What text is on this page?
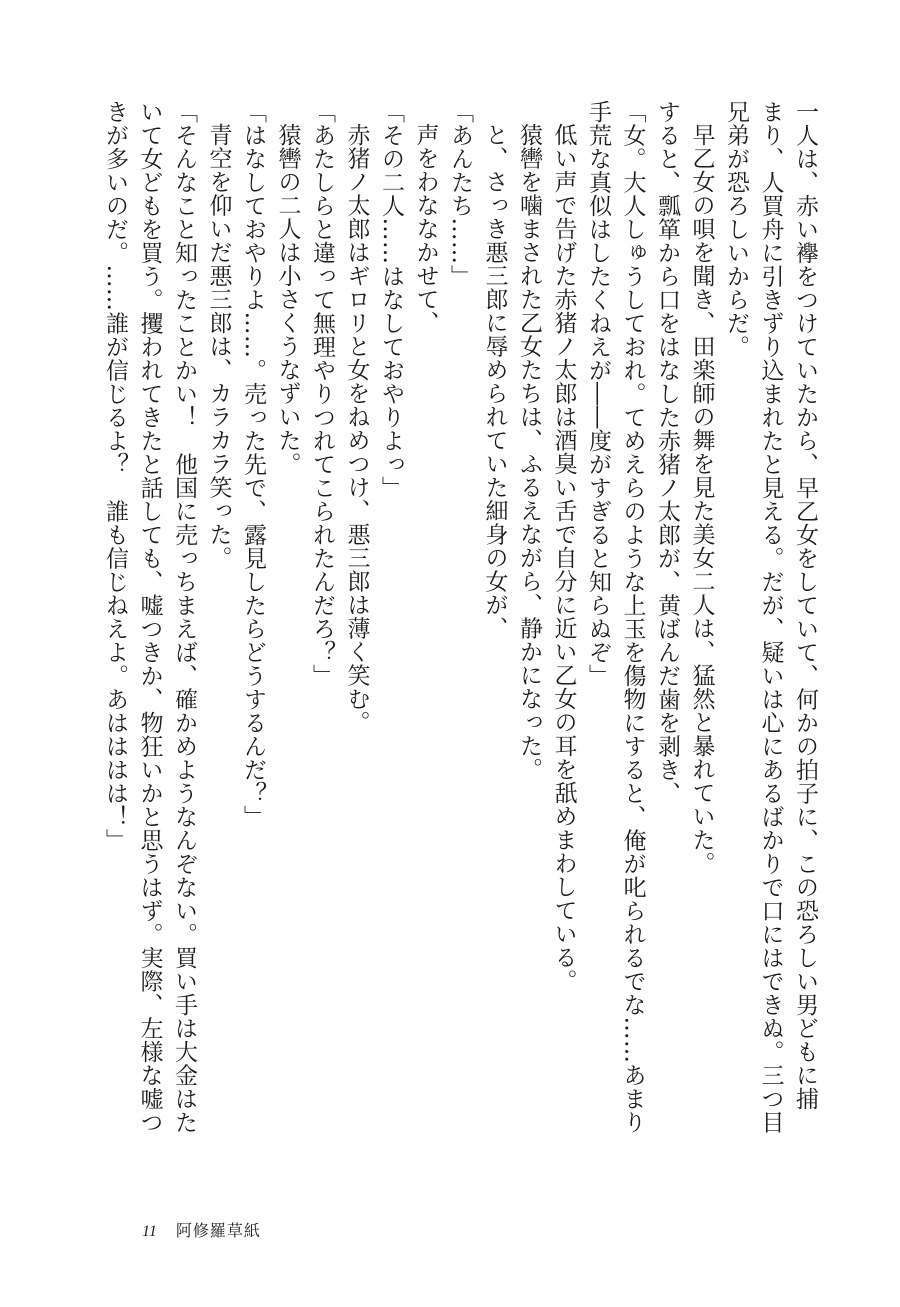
一人は、赤い襷をつけていたから、早乙女をしていて、何かの拍子に、この恐ろしい男どもに捕
まり、人買舟に引きずり込まれたと見える。だが、疑いは心にあるばかりで口にはできぬ。三つ目
兄弟が恐ろしいからだ。
早乙女の唄を聞き、田楽師の舞を見た美女二人は、猛然と暴れていた。
すると、瓢箪から口をはなした赤猪ノ太郎が、黄ばんだ歯を剥き、
「女。大人しゅうしておれ。てめえらのような上玉を傷物にすると、俺が叱られるでな……あまり
手荒な真似はしたくねえが――度がすぎると知らぬぞ」
低い声で告げた赤猪ノ太郎は酒臭い舌で自分に近い乙女の耳を舐めまわしている。
猿轡を噛まされた乙女たちは、ふるえながら、静かになった。
と、さっき悪三郎に辱められていた細身の女が、
「あんたち……」
声をわななかせて、
「その二人……はなしておやりよっ」
赤猪ノ太郎はギロリと女をねめつけ、悪三郎は薄く笑む。
「あたしらと違って無理やりつれてこられたんだろ？」
猿轡の二人は小さくうなずいた。
「はなしておやりよ……。売った先で、露見したらどうするんだ？」
青空を仰いだ悪三郎は、カラカラ笑った。
「そんなこと知ったことかい！　他国に売っちまえば、確かめようなんぞない。買い手は大金はた
いて女どもを買う。攫われてきたと話しても、嘘つきか、物狂いかと思うはず。実際、左様な嘘つ
きが多いのだ。……誰が信じるよ？　誰も信じねえよ。あはははは！」
11 阿修羅草紙
